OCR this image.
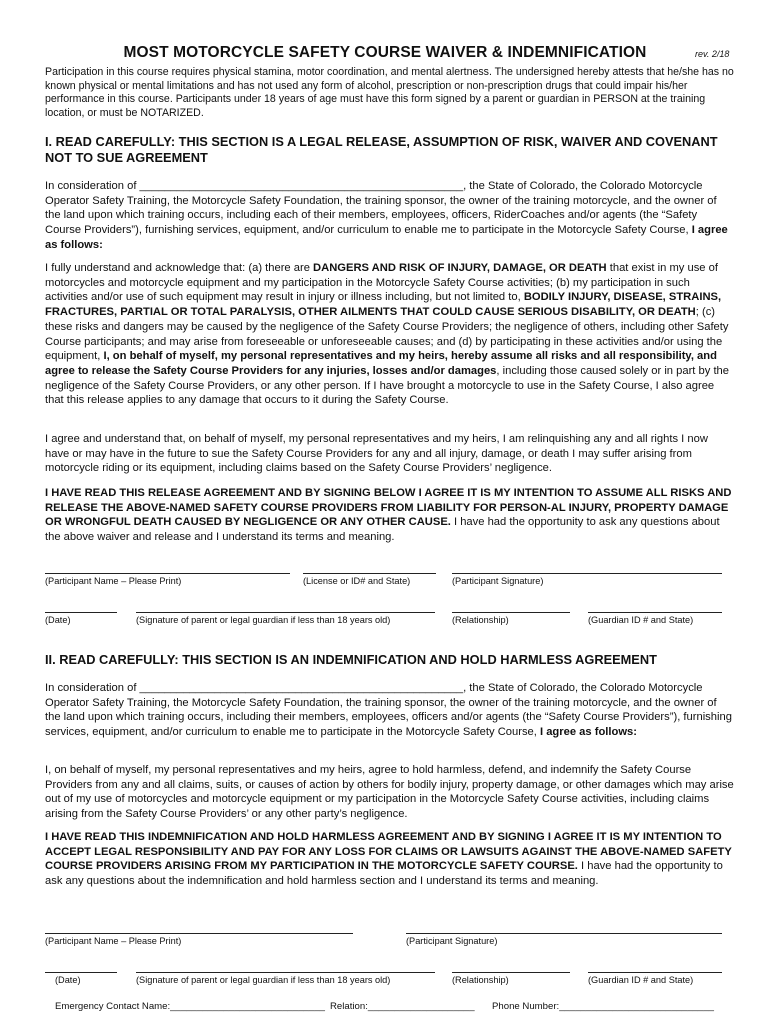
MOST MOTORCYCLE SAFETY COURSE WAIVER & INDEMNIFICATION	rev. 2/18
Participation in this course requires physical stamina, motor coordination, and mental alertness. The undersigned hereby attests that he/she has no known physical or mental limitations and has not used any form of alcohol, prescription or non-prescription drugs that could impair his/her performance in this course. Participants under 18 years of age must have this form signed by a parent or guardian in PERSON at the training location, or must be NOTARIZED.
I. READ CAREFULLY: THIS SECTION IS A LEGAL RELEASE, ASSUMPTION OF RISK, WAIVER AND COVENANT NOT TO SUE AGREEMENT
In consideration of ____________________________________________________, the State of Colorado, the Colorado Motorcycle Operator Safety Training, the Motorcycle Safety Foundation, the training sponsor, the owner of the training motorcycle, and the owner of the land upon which training occurs, including each of their members, employees, officers, RiderCoaches and/or agents (the “Safety Course Providers”), furnishing services, equipment, and/or curriculum to enable me to participate in the Motorcycle Safety Course, I agree as follows:
I fully understand and acknowledge that: (a) there are DANGERS AND RISK OF INJURY, DAMAGE, OR DEATH that exist in my use of motorcycles and motorcycle equipment and my participation in the Motorcycle Safety Course activities; (b) my participation in such activities and/or use of such equipment may result in injury or illness including, but not limited to, BODILY INJURY, DISEASE, STRAINS, FRACTURES, PARTIAL OR TOTAL PARALYSIS, OTHER AILMENTS THAT COULD CAUSE SERIOUS DISABILITY, OR DEATH; (c) these risks and dangers may be caused by the negligence of the Safety Course Providers; the negligence of others, including other Safety Course participants; and may arise from foreseeable or unforeseeable causes; and (d) by participating in these activities and/or using the equipment, I, on behalf of myself, my personal representatives and my heirs, hereby assume all risks and all responsibility, and agree to release the Safety Course Providers for any injuries, losses and/or damages, including those caused solely or in part by the negligence of the Safety Course Providers, or any other person. If I have brought a motorcycle to use in the Safety Course, I also agree that this release applies to any damage that occurs to it during the Safety Course.
I agree and understand that, on behalf of myself, my personal representatives and my heirs, I am relinquishing any and all rights I now have or may have in the future to sue the Safety Course Providers for any and all injury, damage, or death I may suffer arising from motorcycle riding or its equipment, including claims based on the Safety Course Providers’ negligence.
I HAVE READ THIS RELEASE AGREEMENT AND BY SIGNING BELOW I AGREE IT IS MY INTENTION TO ASSUME ALL RISKS AND RELEASE THE ABOVE-NAMED SAFETY COURSE PROVIDERS FROM LIABILITY FOR PERSON-AL INJURY, PROPERTY DAMAGE OR WRONGFUL DEATH CAUSED BY NEGLIGENCE OR ANY OTHER CAUSE. I have had the opportunity to ask any questions about the above waiver and release and I understand its terms and meaning.
(Participant Name – Please Print)	(License or ID# and State)	(Participant Signature)
(Date)	(Signature of parent or legal guardian if less than 18 years old)	(Relationship)	(Guardian ID # and State)
II. READ CAREFULLY: THIS SECTION IS AN INDEMNIFICATION AND HOLD HARMLESS AGREEMENT
In consideration of ____________________________________________________, the State of Colorado, the Colorado Motorcycle Operator Safety Training, the Motorcycle Safety Foundation, the training sponsor, the owner of the training motorcycle, and the owner of the land upon which training occurs, including their members, employees, officers and/or agents (the “Safety Course Providers”), furnishing services, equipment, and/or curriculum to enable me to participate in the Motorcycle Safety Course, I agree as follows:
I, on behalf of myself, my personal representatives and my heirs, agree to hold harmless, defend, and indemnify the Safety Course Providers from any and all claims, suits, or causes of action by others for bodily injury, property damage, or other damages which may arise out of my use of motorcycles and motorcycle equipment or my participation in the Motorcycle Safety Course activities, including claims arising from the Safety Course Providers’ or any other party’s negligence.
I HAVE READ THIS INDEMNIFICATION AND HOLD HARMLESS AGREEMENT AND BY SIGNING I AGREE IT IS MY INTENTION TO ACCEPT LEGAL RESPONSIBILITY AND PAY FOR ANY LOSS FOR CLAIMS OR LAWSUITS AGAINST THE ABOVE-NAMED SAFETY COURSE PROVIDERS ARISING FROM MY PARTICIPATION IN THE MOTORCYCLE SAFETY COURSE. I have had the opportunity to ask any questions about the indemnification and hold harmless section and I understand its terms and meaning.
(Participant Name – Please Print)	(Participant Signature)
(Date)	(Signature of parent or legal guardian if less than 18 years old)	(Relationship)	(Guardian ID # and State)
Emergency Contact Name:_____________________________ Relation:____________________ Phone Number:_____________________________
